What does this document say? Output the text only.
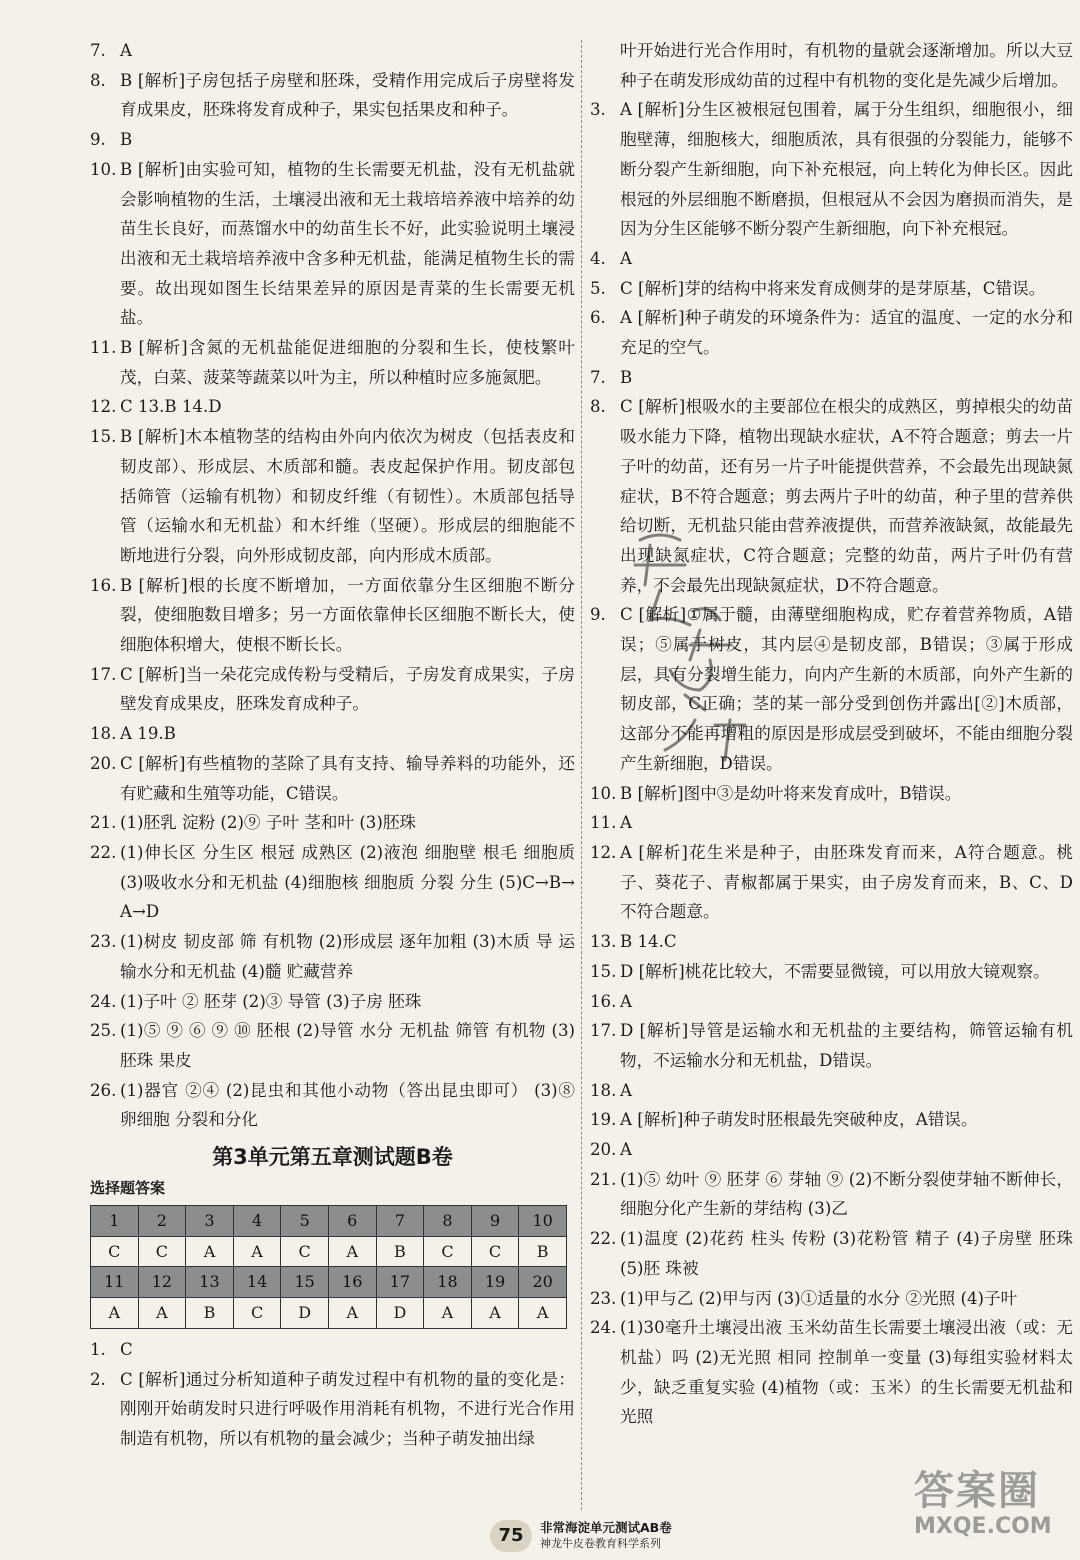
7. A

8. B [解析]子房包括子房壁和胚珠，受精作用完成后子房壁将发育成果皮，胚珠将发育成种子，果实包括果皮和种子。

9. B

10. B [解析]由实验可知，植物的生长需要无机盐，没有无机盐就会影响植物的生活，土壤浸出液和无土栽培培养液中培养的幼苗生长良好，而蒸馏水中的幼苗生长不好，此实验说明土壤浸出液和无土栽培培养液中含多种无机盐，能满足植物生长的需要。故出现如图生长结果差异的原因是青菜的生长需要无机盐。

11. B [解析]含氮的无机盐能促进细胞的分裂和生长，使枝繁叶茂，白菜、菠菜等蔬菜以叶为主，所以种植时应多施氮肥。

12. C 13.B 14.D

15. B [解析]木本植物茎的结构由外向内依次为树皮（包括表皮和韧皮部）、形成层、木质部和髓。表皮起保护作用。韧皮部包括筛管（运输有机物）和韧皮纤维（有韧性）。木质部包括导管（运输水和无机盐）和木纤维（坚硬）。形成层的细胞能不断地进行分裂，向外形成韧皮部，向内形成木质部。

16. B [解析]根的长度不断增加，一方面依靠分生区细胞不断分裂，使细胞数目增多；另一方面依靠伸长区细胞不断长大，使细胞体积增大，使根不断长长。

17. C [解析]当一朵花完成传粉与受精后，子房发育成果实，子房壁发育成果皮，胚珠发育成种子。

18. A 19.B

20. C [解析]有些植物的茎除了具有支持、输导养料的功能外，还有贮藏和生殖等功能，C错误。

21. (1)胚乳 淀粉 (2)⑨ 子叶 茎和叶 (3)胚珠

22. (1)伸长区 分生区 根冠 成熟区 (2)液泡 细胞壁 根毛 细胞质 (3)吸收水分和无机盐 (4)细胞核 细胞质 分裂 分生 (5)C→B→A→D

23. (1)树皮 韧皮部 筛 有机物 (2)形成层 逐年加粗 (3)木质 导 运输水分和无机盐 (4)髓 贮藏营养

24. (1)子叶 ② 胚芽 (2)③ 导管 (3)子房 胚珠

25. (1)⑤ ⑨ ⑥ ⑨ ⑩ 胚根 (2)导管 水分 无机盐 筛管 有机物 (3)胚珠 果皮

26. (1)器官 ②④ (2)昆虫和其他小动物（答出昆虫即可） (3)⑧ 卵细胞 分裂和分化

第3单元第五章测试题B卷
选择题答案
1	2	3	4	5	6	7	8	9	10
C	C	A	A	C	A	B	C	C	B
11	12	13	14	15	16	17	18	19	20
A	A	B	C	D	A	D	A	A	A

1. C

2. C [解析]通过分析知道种子萌发过程中有机物的量的变化是：刚刚开始萌发时只进行呼吸作用消耗有机物，不进行光合作用制造有机物，所以有机物的量会减少；当种子萌发抽出绿

叶开始进行光合作用时，有机物的量就会逐渐增加。所以大豆种子在萌发形成幼苗的过程中有机物的变化是先减少后增加。

3. A [解析]分生区被根冠包围着，属于分生组织，细胞很小，细胞壁薄，细胞核大，细胞质浓，具有很强的分裂能力，能够不断分裂产生新细胞，向下补充根冠，向上转化为伸长区。因此根冠的外层细胞不断磨损，但根冠从不会因为磨损而消失，是因为分生区能够不断分裂产生新细胞，向下补充根冠。

4. A

5. C [解析]芽的结构中将来发育成侧芽的是芽原基，C错误。

6. A [解析]种子萌发的环境条件为：适宜的温度、一定的水分和充足的空气。

7. B

8. C [解析]根吸水的主要部位在根尖的成熟区，剪掉根尖的幼苗吸水能力下降，植物出现缺水症状，A不符合题意；剪去一片子叶的幼苗，还有另一片子叶能提供营养，不会最先出现缺氮症状，B不符合题意；剪去两片子叶的幼苗，种子里的营养供给切断，无机盐只能由营养液提供，而营养液缺氮，故能最先出现缺氮症状，C符合题意；完整的幼苗，两片子叶仍有营养，不会最先出现缺氮症状，D不符合题意。

9. C [解析]①属于髓，由薄壁细胞构成，贮存着营养物质，A错误；⑤属于树皮，其内层④是韧皮部，B错误；③属于形成层，具有分裂增生能力，向内产生新的木质部，向外产生新的韧皮部，C正确；茎的某一部分受到创伤并露出[②]木质部，这部分不能再增粗的原因是形成层受到破坏，不能由细胞分裂产生新细胞，D错误。

10. B [解析]图中③是幼叶将来发育成叶，B错误。

11. A

12. A [解析]花生米是种子，由胚珠发育而来，A符合题意。桃子、葵花子、青椒都属于果实，由子房发育而来，B、C、D不符合题意。

13. B 14.C

15. D [解析]桃花比较大，不需要显微镜，可以用放大镜观察。

16. A

17. D [解析]导管是运输水和无机盐的主要结构，筛管运输有机物，不运输水分和无机盐，D错误。

18. A

19. A [解析]种子萌发时胚根最先突破种皮，A错误。

20. A

21. (1)⑤ 幼叶 ⑨ 胚芽 ⑥ 芽轴 ⑨ (2)不断分裂使芽轴不断伸长，细胞分化产生新的芽结构 (3)乙

22. (1)温度 (2)花药 柱头 传粉 (3)花粉管 精子 (4)子房壁 胚珠 (5)胚 珠被

23. (1)甲与乙 (2)甲与丙 (3)①适量的水分 ②光照 (4)子叶

24. (1)30毫升土壤浸出液 玉米幼苗生长需要土壤浸出液（或：无机盐）吗 (2)无光照 相同 控制单一变量 (3)每组实验材料太少，缺乏重复实验 (4)植物（或：玉米）的生长需要无机盐和光照

75	非常海淀单元测试AB卷
神龙牛皮卷教育科学系列
答案圈
MXQE.COM
